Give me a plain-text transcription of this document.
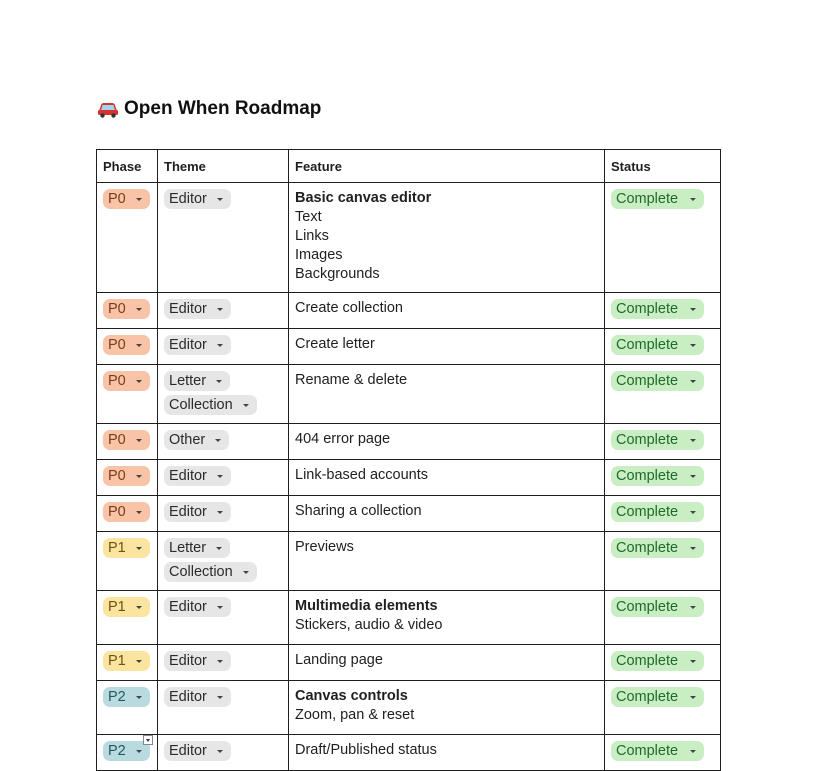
Open When Roadmap
Phase	Theme	Feature	Status

P0	Editor	Basic canvas editor
Text
Links
Images
Backgrounds	Complete

P0	Editor	Create collection	Complete

P0	Editor	Create letter	Complete

P0	Letter
Collection	Rename & delete	Complete

P0	Other	404 error page	Complete

P0	Editor	Link-based accounts	Complete

P0	Editor	Sharing a collection	Complete

P1	Letter
Collection	Previews	Complete

P1	Editor	Multimedia elements
Stickers, audio & video	Complete

P1	Editor	Landing page	Complete

P2	Editor	Canvas controls
Zoom, pan & reset	Complete

P2	Editor	Draft/Published status	Complete
